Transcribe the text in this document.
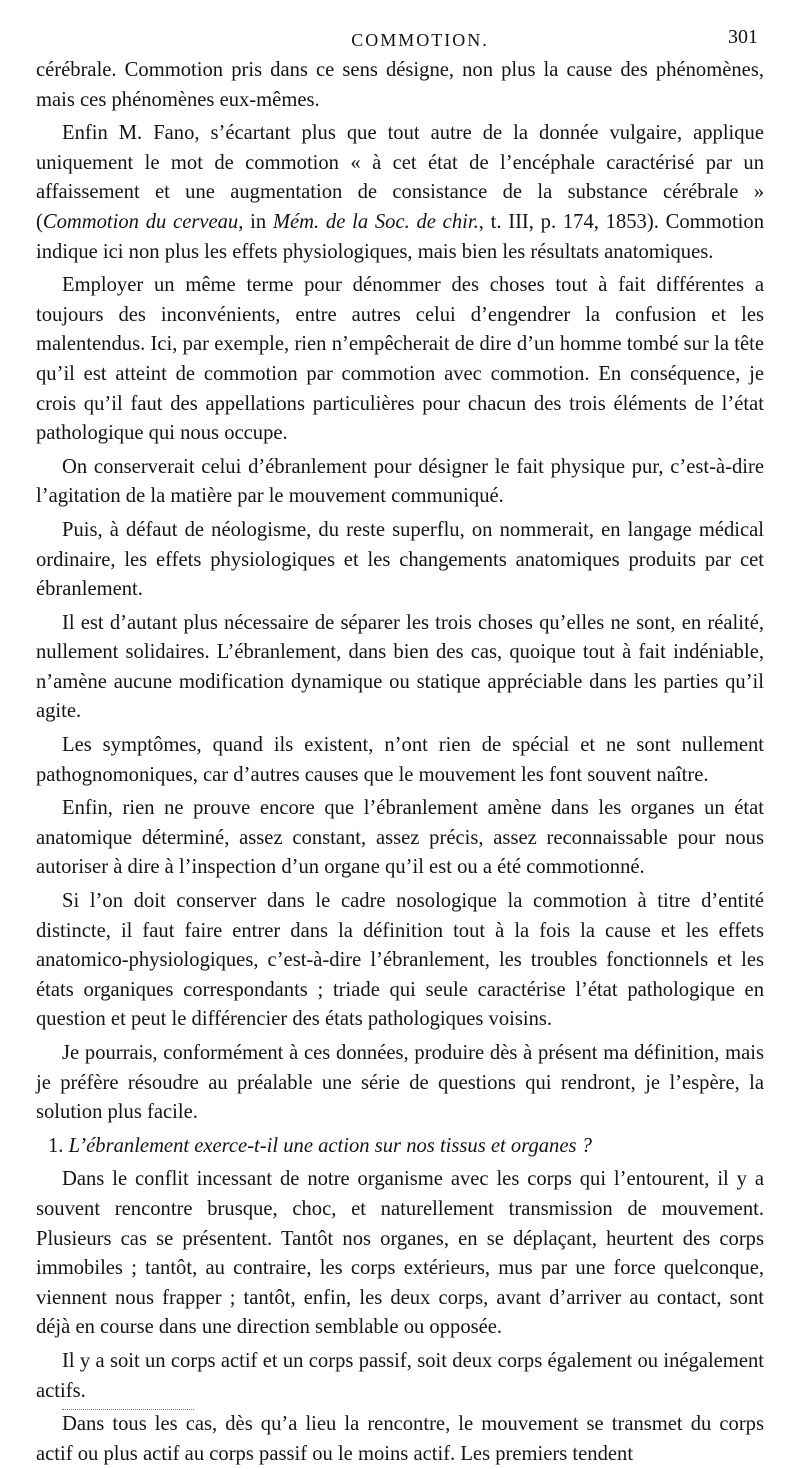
COMMOTION.	301

cérébrale. Commotion pris dans ce sens désigne, non plus la cause des phénomènes, mais ces phénomènes eux-mêmes.

Enfin M. Fano, s’écartant plus que tout autre de la donnée vulgaire, applique uniquement le mot de commotion « à cet état de l’encéphale caractérisé par un affaissement et une augmentation de consistance de la substance cérébrale » (Commotion du cerveau, in Mém. de la Soc. de chir., t. III, p. 174, 1853). Commotion indique ici non plus les effets physiologiques, mais bien les résultats anatomiques.

Employer un même terme pour dénommer des choses tout à fait différentes a toujours des inconvénients, entre autres celui d’engendrer la confusion et les malentendus. Ici, par exemple, rien n’empêcherait de dire d’un homme tombé sur la tête qu’il est atteint de commotion par commotion avec commotion. En conséquence, je crois qu’il faut des appellations particulières pour chacun des trois éléments de l’état pathologique qui nous occupe.

On conserverait celui d’ébranlement pour désigner le fait physique pur, c’est-à-dire l’agitation de la matière par le mouvement communiqué.

Puis, à défaut de néologisme, du reste superflu, on nommerait, en langage médical ordinaire, les effets physiologiques et les changements anatomiques produits par cet ébranlement.

Il est d’autant plus nécessaire de séparer les trois choses qu’elles ne sont, en réalité, nullement solidaires. L’ébranlement, dans bien des cas, quoique tout à fait indéniable, n’amène aucune modification dynamique ou statique appréciable dans les parties qu’il agite.

Les symptômes, quand ils existent, n’ont rien de spécial et ne sont nullement pathognomoniques, car d’autres causes que le mouvement les font souvent naître.

Enfin, rien ne prouve encore que l’ébranlement amène dans les organes un état anatomique déterminé, assez constant, assez précis, assez reconnaissable pour nous autoriser à dire à l’inspection d’un organe qu’il est ou a été commotionné.

Si l’on doit conserver dans le cadre nosologique la commotion à titre d’entité distincte, il faut faire entrer dans la définition tout à la fois la cause et les effets anatomico-physiologiques, c’est-à-dire l’ébranlement, les troubles fonctionnels et les états organiques correspondants ; triade qui seule caractérise l’état pathologique en question et peut le différencier des états pathologiques voisins.

Je pourrais, conformément à ces données, produire dès à présent ma définition, mais je préfère résoudre au préalable une série de questions qui rendront, je l’espère, la solution plus facile.

1. L’ébranlement exerce-t-il une action sur nos tissus et organes ?

Dans le conflit incessant de notre organisme avec les corps qui l’entourent, il y a souvent rencontre brusque, choc, et naturellement transmission de mouvement. Plusieurs cas se présentent. Tantôt nos organes, en se déplaçant, heurtent des corps immobiles ; tantôt, au contraire, les corps extérieurs, mus par une force quelconque, viennent nous frapper ; tantôt, enfin, les deux corps, avant d’arriver au contact, sont déjà en course dans une direction semblable ou opposée.

Il y a soit un corps actif et un corps passif, soit deux corps également ou inégalement actifs.

Dans tous les cas, dès qu’a lieu la rencontre, le mouvement se transmet du corps actif ou plus actif au corps passif ou le moins actif. Les premiers tendent
